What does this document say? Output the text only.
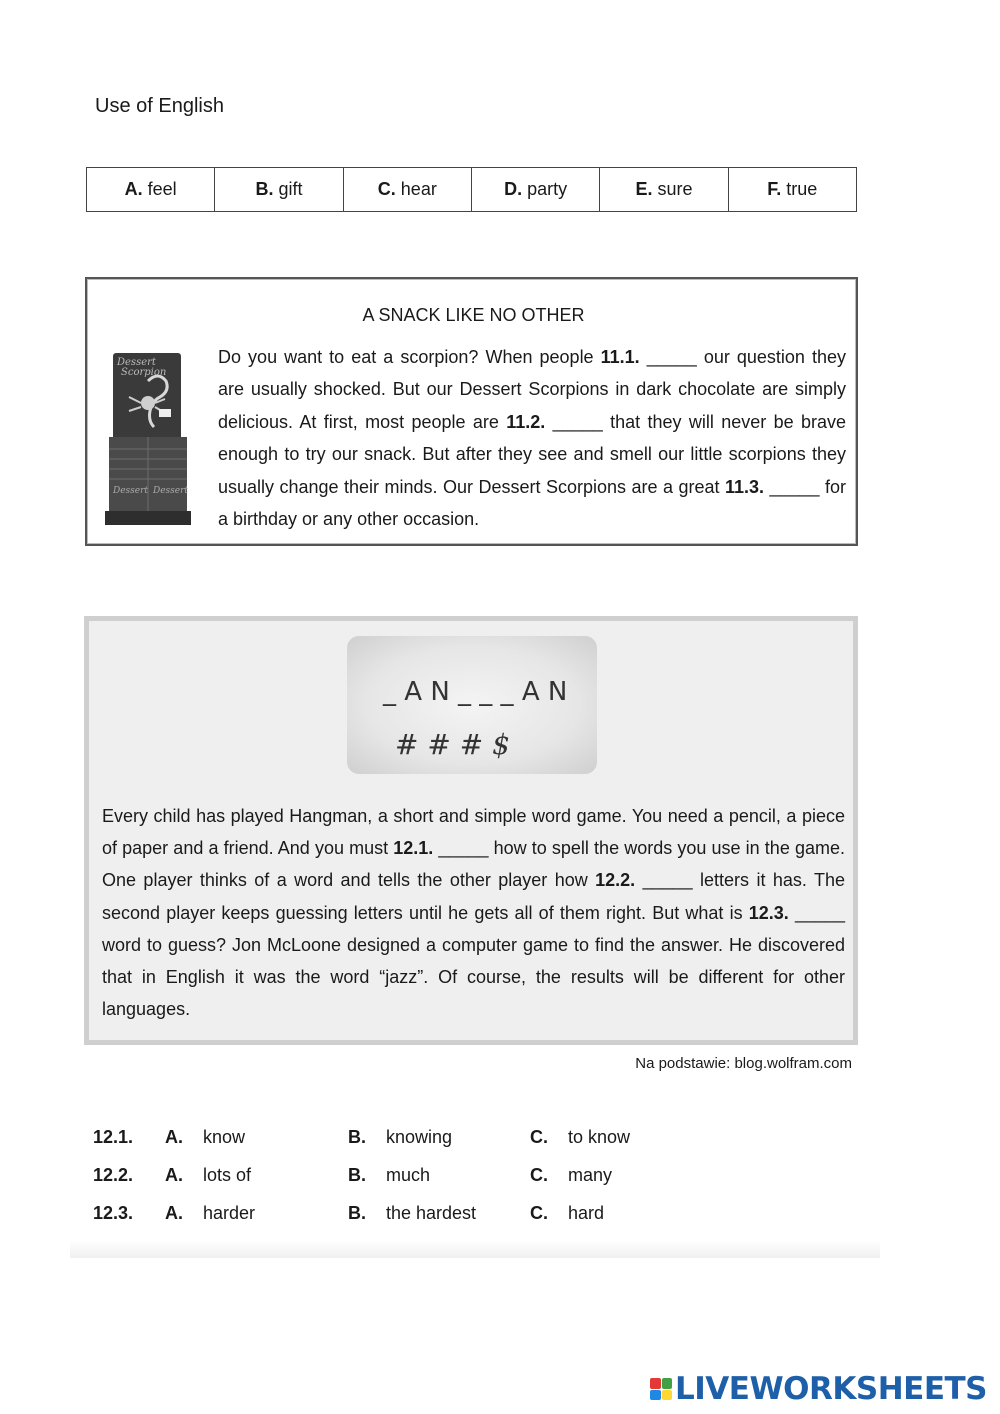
Use of English
A. feel	B. gift	C. hear	D. party	E. sure	F. true
A SNACK LIKE NO OTHER
Dessert
Scorpion
Dessert Dessert
Do you want to eat a scorpion? When people 11.1. _____ our question they are usually shocked. But our Dessert Scorpions in dark chocolate are simply delicious. At first, most people are 11.2. _____ that they will never be brave enough to try our snack. But after they see and smell our little scorpions they usually change their minds. Our Dessert Scorpions are a great 11.3. _____ for a birthday or any other occasion.
_ A N _ _ _ A N
# # # $
Every child has played Hangman, a short and simple word game. You need a pencil, a piece of paper and a friend. And you must 12.1. _____ how to spell the words you use in the game. One player thinks of a word and tells the other player how 12.2. _____ letters it has. The second player keeps guessing letters until he gets all of them right. But what is 12.3. _____ word to guess? Jon McLoone designed a computer game to find the answer. He discovered that in English it was the word “jazz”. Of course, the results will be different for other languages.
Na podstawie: blog.wolfram.com
12.1. A. know	B. knowing	C. to know
12.2. A. lots of	B. much	C. many
12.3. A. harder	B. the hardest	C. hard
LIVEWORKSHEETS
